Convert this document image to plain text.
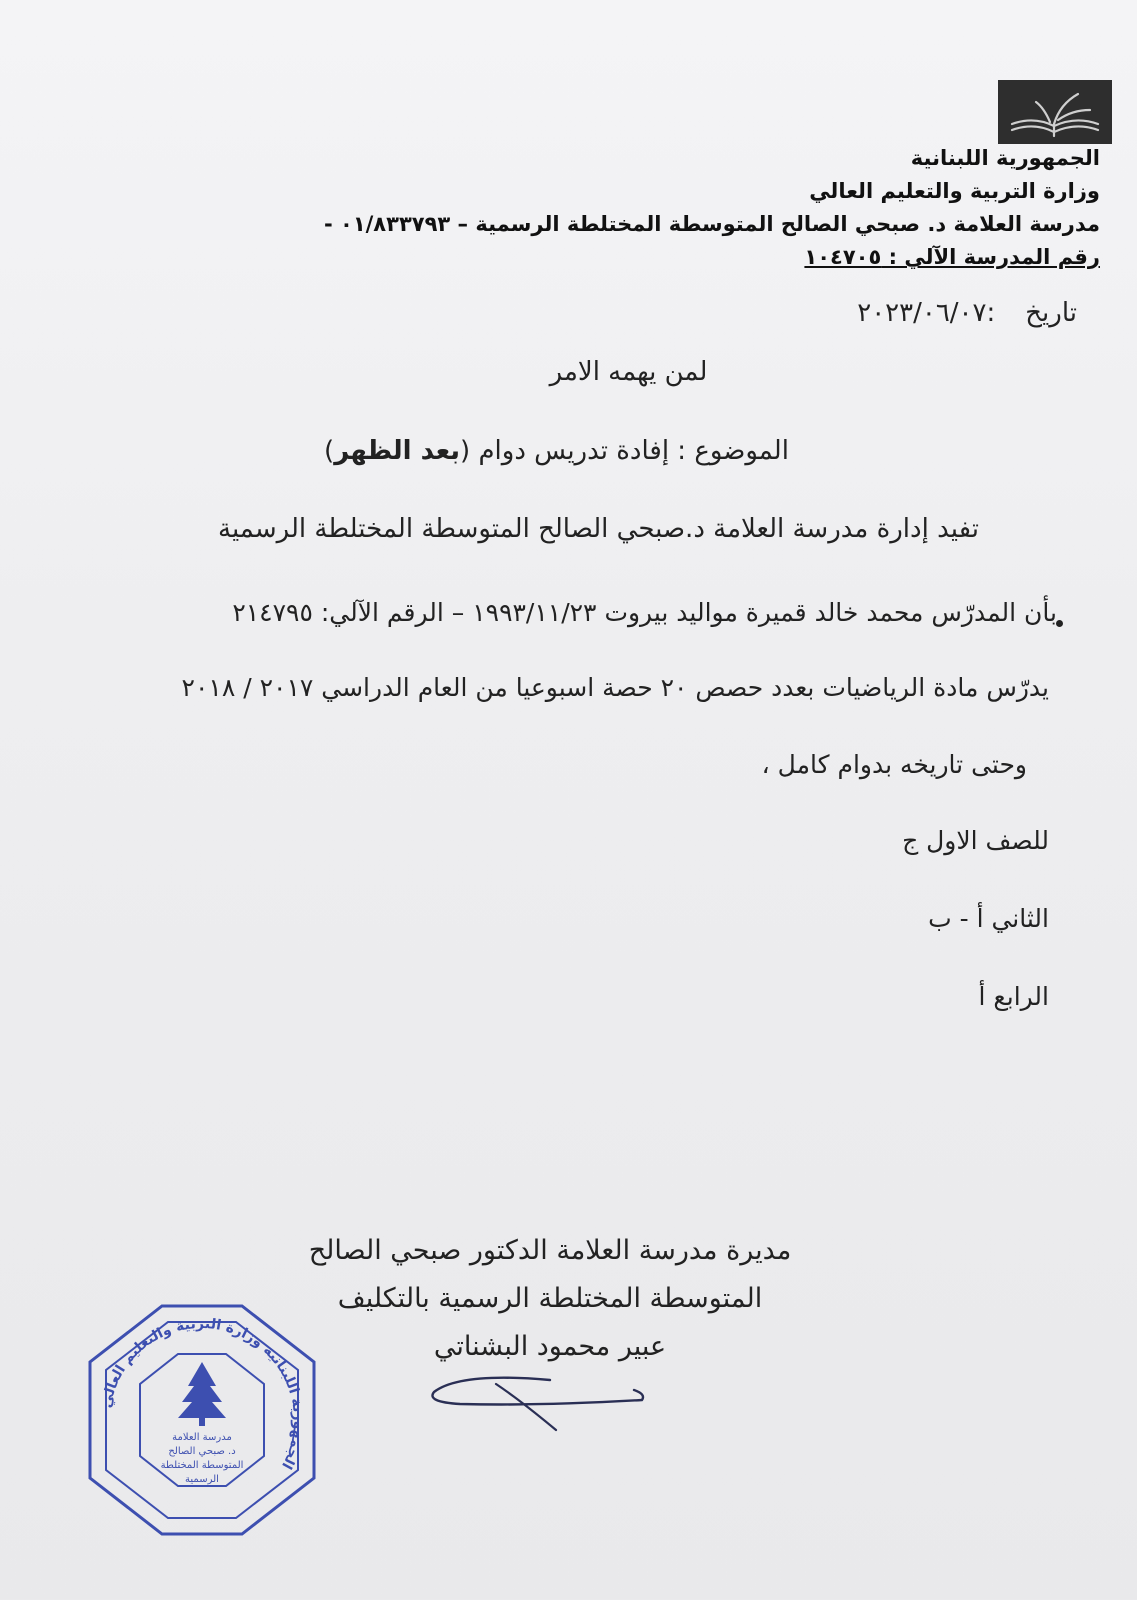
الجمهورية اللبنانية
وزارة التربية والتعليم العالي
مدرسة العلامة د. صبحي الصالح المتوسطة المختلطة الرسمية – ٠١/٨٣٣٧٩٣ -
رقم المدرسة الآلي : ١٠٤٧٠٥
تاريخ:٢٠٢٣/٠٦/٠٧
لمن يهمه الامر
الموضوع : إفادة تدريس دوام (بعد الظهر)
تفيد إدارة مدرسة العلامة د.صبحي الصالح المتوسطة المختلطة الرسمية
بأن المدرّس محمد خالد قميرة مواليد بيروت ١٩٩٣/١١/٢٣ – الرقم الآلي: ٢١٤٧٩٥
يدرّس مادة الرياضيات بعدد حصص ٢٠ حصة اسبوعيا من العام الدراسي ٢٠١٧ / ٢٠١٨
وحتى تاريخه بدوام كامل ،
للصف الاول ج
الثاني أ - ب
الرابع أ
مديرة مدرسة العلامة الدكتور صبحي الصالح
المتوسطة المختلطة الرسمية بالتكليف
عبير محمود البشناتي
الجمهورية اللبنانية وزارة التربية والتعليم العالي
مدرسة العلامة
د. صبحي الصالح
المتوسطة المختلطة
الرسمية
